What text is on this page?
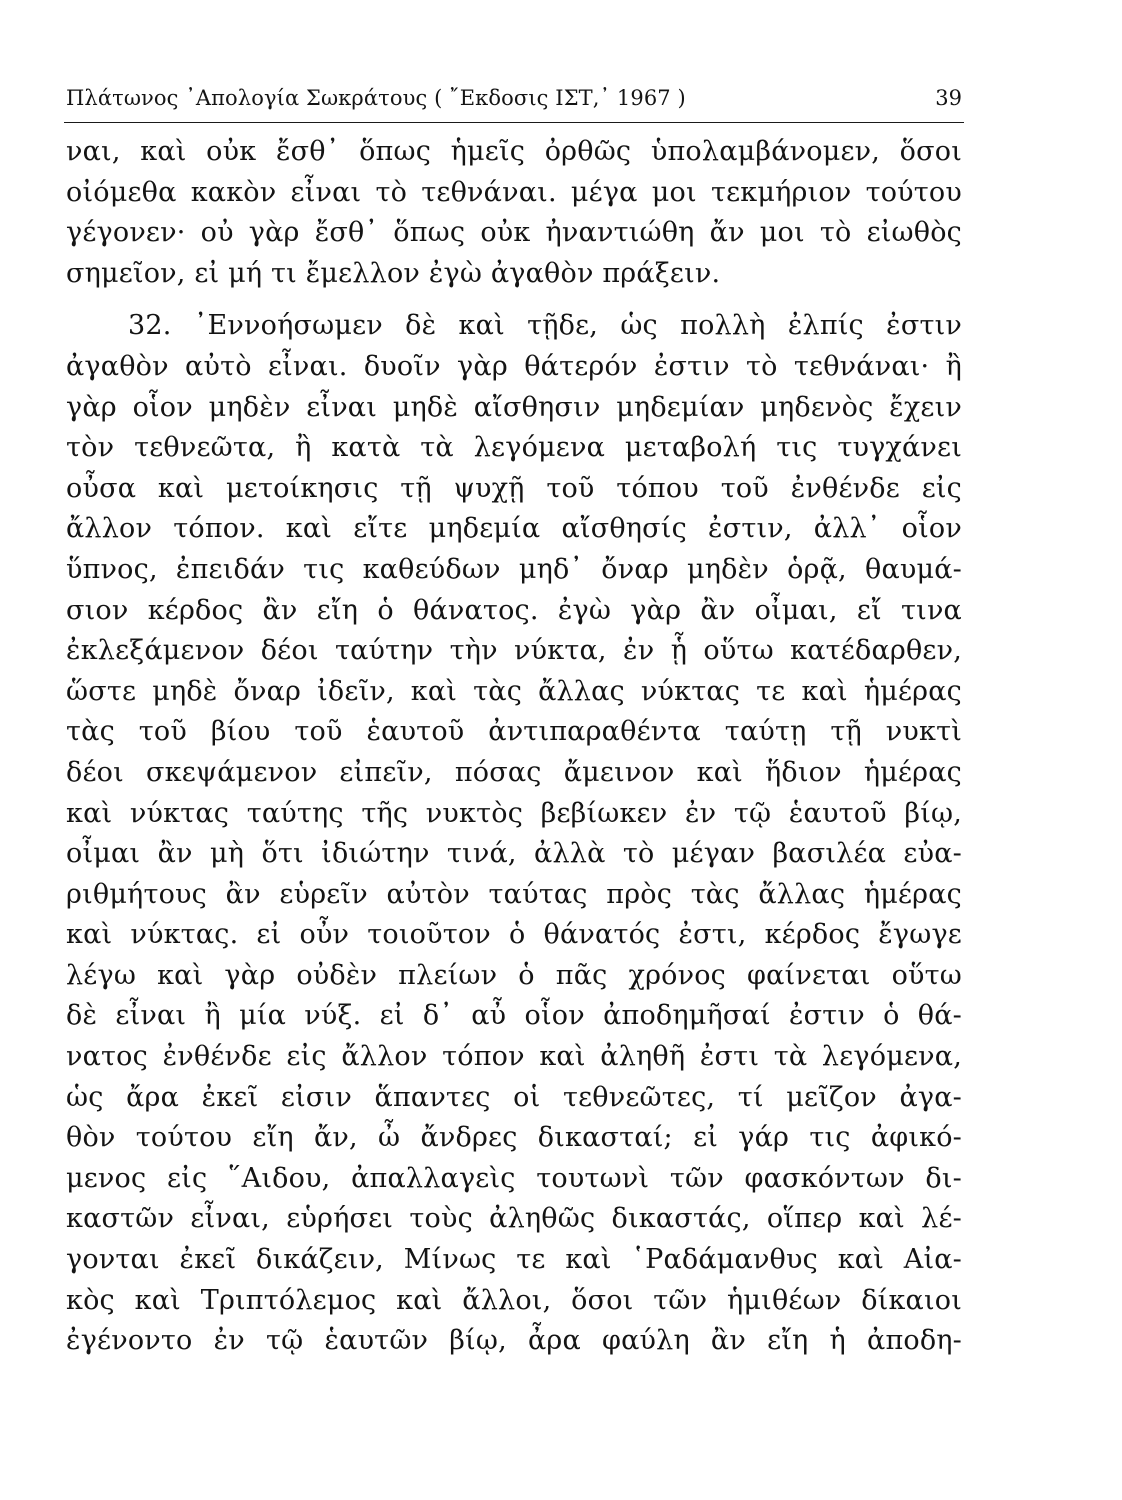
Πλάτωνος ᾽Απολογία Σωκράτους ( ῎Εκδοσις ΙΣΤ,᾽ 1967 )	39
ναι, καὶ οὐκ ἔσθ᾽ ὅπως ἡμεῖς ὀρθῶς ὑπολαμβάνομεν, ὅσοι
οἰόμεθα κακὸν εἶναι τὸ τεθνάναι. μέγα μοι τεκμήριον τούτου
γέγονεν· οὐ γὰρ ἔσθ᾽ ὅπως οὐκ ἠναντιώθη ἄν μοι τὸ εἰωθὸς
σημεῖον, εἰ μή τι ἔμελλον ἐγὼ ἀγαθὸν πράξειν.
32. ᾽Εννοήσωμεν δὲ καὶ τῇδε, ὡς πολλὴ ἐλπίς ἐστιν
ἀγαθὸν αὐτὸ εἶναι. δυοῖν γὰρ θάτερόν ἐστιν τὸ τεθνάναι· ἢ
γὰρ οἷον μηδὲν εἶναι μηδὲ αἴσθησιν μηδεμίαν μηδενὸς ἔχειν
τὸν τεθνεῶτα, ἢ κατὰ τὰ λεγόμενα μεταβολή τις τυγχάνει
οὖσα καὶ μετοίκησις τῇ ψυχῇ τοῦ τόπου τοῦ ἐνθένδε εἰς
ἄλλον τόπον. καὶ εἴτε μηδεμία αἴσθησίς ἐστιν, ἀλλ᾽ οἷον
ὕπνος, ἐπειδάν τις καθεύδων μηδ᾽ ὄναρ μηδὲν ὁρᾷ, θαυμά-
σιον κέρδος ἂν εἴη ὁ θάνατος. ἐγὼ γὰρ ἂν οἶμαι, εἴ τινα
ἐκλεξάμενον δέοι ταύτην τὴν νύκτα, ἐν ᾗ οὕτω κατέδαρθεν,
ὥστε μηδὲ ὄναρ ἰδεῖν, καὶ τὰς ἄλλας νύκτας τε καὶ ἡμέρας
τὰς τοῦ βίου τοῦ ἑαυτοῦ ἀντιπαραθέντα ταύτῃ τῇ νυκτὶ
δέοι σκεψάμενον εἰπεῖν, πόσας ἄμεινον καὶ ἥδιον ἡμέρας
καὶ νύκτας ταύτης τῆς νυκτὸς βεβίωκεν ἐν τῷ ἑαυτοῦ βίῳ,
οἶμαι ἂν μὴ ὅτι ἰδιώτην τινά, ἀλλὰ τὸ μέγαν βασιλέα εὐα-
ριθμήτους ἂν εὑρεῖν αὐτὸν ταύτας πρὸς τὰς ἄλλας ἡμέρας
καὶ νύκτας. εἰ οὖν τοιοῦτον ὁ θάνατός ἐστι, κέρδος ἔγωγε
λέγω καὶ γὰρ οὐδὲν πλείων ὁ πᾶς χρόνος φαίνεται οὕτω
δὲ εἶναι ἢ μία νύξ. εἰ δ᾽ αὖ οἷον ἀποδημῆσαί ἐστιν ὁ θά-
νατος ἐνθένδε εἰς ἄλλον τόπον καὶ ἀληθῆ ἐστι τὰ λεγόμενα,
ὡς ἄρα ἐκεῖ εἰσιν ἅπαντες οἱ τεθνεῶτες, τί μεῖζον ἀγα-
θὸν τούτου εἴη ἄν, ὦ ἄνδρες δικασταί; εἰ γάρ τις ἀφικό-
μενος εἰς ῞Αιδου, ἀπαλλαγεὶς τουτωνὶ τῶν φασκόντων δι-
καστῶν εἶναι, εὑρήσει τοὺς ἀληθῶς δικαστάς, οἵπερ καὶ λέ-
γονται ἐκεῖ δικάζειν, Μίνως τε καὶ ῾Ραδάμανθυς καὶ Αἰα-
κὸς καὶ Τριπτόλεμος καὶ ἄλλοι, ὅσοι τῶν ἡμιθέων δίκαιοι
ἐγένοντο ἐν τῷ ἑαυτῶν βίῳ, ἆρα φαύλη ἂν εἴη ἡ ἀποδη-
